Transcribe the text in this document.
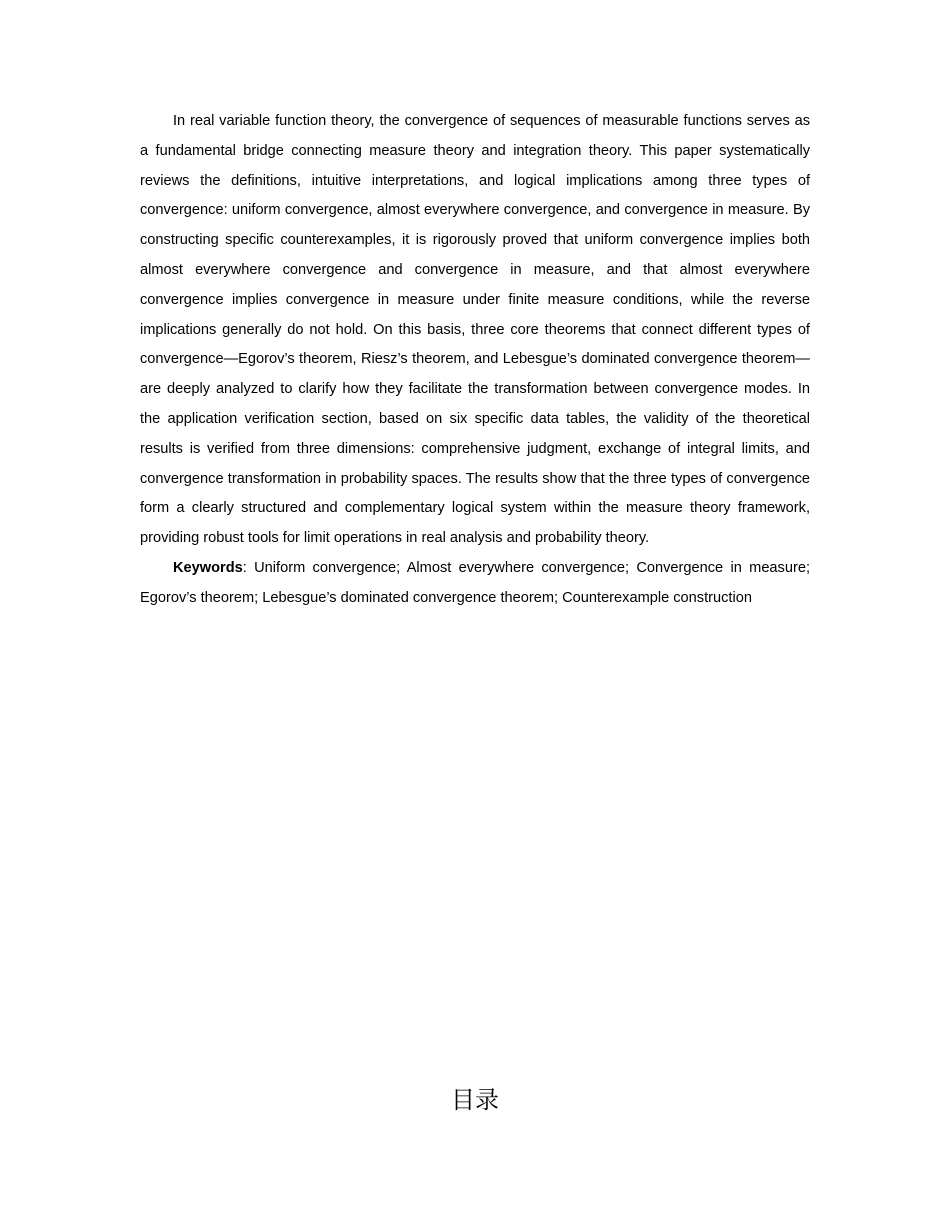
In real variable function theory, the convergence of sequences of measurable functions serves as a fundamental bridge connecting measure theory and integration theory. This paper systematically reviews the definitions, intuitive interpretations, and logical implications among three types of convergence: uniform convergence, almost everywhere convergence, and convergence in measure. By constructing specific counterexamples, it is rigorously proved that uniform convergence implies both almost everywhere convergence and convergence in measure, and that almost everywhere convergence implies convergence in measure under finite measure conditions, while the reverse implications generally do not hold. On this basis, three core theorems that connect different types of convergence—Egorov’s theorem, Riesz’s theorem, and Lebesgue’s dominated convergence theorem—are deeply analyzed to clarify how they facilitate the transformation between convergence modes. In the application verification section, based on six specific data tables, the validity of the theoretical results is verified from three dimensions: comprehensive judgment, exchange of integral limits, and convergence transformation in probability spaces. The results show that the three types of convergence form a clearly structured and complementary logical system within the measure theory framework, providing robust tools for limit operations in real analysis and probability theory.

Keywords: Uniform convergence; Almost everywhere convergence; Convergence in measure; Egorov’s theorem; Lebesgue’s dominated convergence theorem; Counterexample construction

目录
